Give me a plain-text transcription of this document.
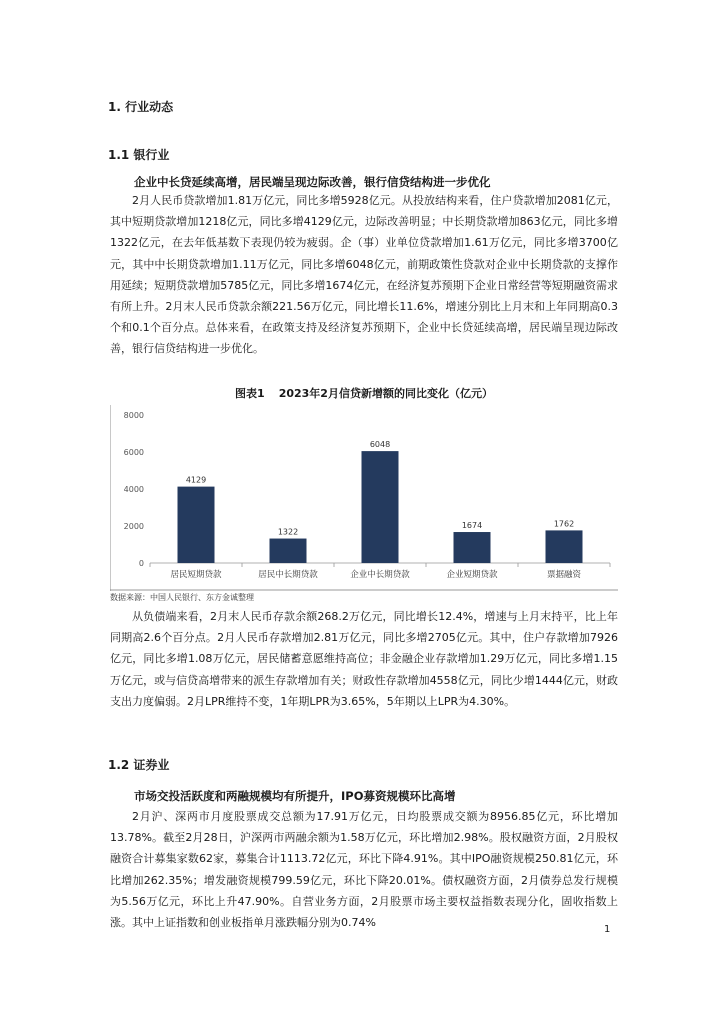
1. 行业动态
1.1 银行业
企业中长贷延续高增，居民端呈现边际改善，银行信贷结构进一步优化

2月人民币贷款增加1.81万亿元，同比多增5928亿元。从投放结构来看，住户贷款增加2081亿元，其中短期贷款增加1218亿元，同比多增4129亿元，边际改善明显；中长期贷款增加863亿元，同比多增1322亿元，在去年低基数下表现仍较为疲弱。企（事）业单位贷款增加1.61万亿元，同比多增3700亿元，其中中长期贷款增加1.11万亿元，同比多增6048亿元，前期政策性贷款对企业中长期贷款的支撑作用延续；短期贷款增加5785亿元，同比多增1674亿元，在经济复苏预期下企业日常经营等短期融资需求有所上升。2月末人民币贷款余额221.56万亿元，同比增长11.6%，增速分别比上月末和上年同期高0.3个和0.1个百分点。总体来看，在政策支持及经济复苏预期下，企业中长贷延续高增，居民端呈现边际改善，银行信贷结构进一步优化。

图表1 2023年2月信贷新增额的同比变化（亿元）
0
2000
4000
6000
8000
4129
居民短期贷款
1322
居民中长期贷款
6048
企业中长期贷款
1674
企业短期贷款
1762
票据融资
数据来源：中国人民银行、东方金诚整理

从负债端来看，2月末人民币存款余额268.2万亿元，同比增长12.4%，增速与上月末持平，比上年同期高2.6个百分点。2月人民币存款增加2.81万亿元，同比多增2705亿元。其中，住户存款增加7926亿元，同比多增1.08万亿元，居民储蓄意愿维持高位；非金融企业存款增加1.29万亿元，同比多增1.15万亿元，或与信贷高增带来的派生存款增加有关；财政性存款增加4558亿元，同比少增1444亿元，财政支出力度偏弱。2月LPR维持不变，1年期LPR为3.65%，5年期以上LPR为4.30%。

1.2 证券业
市场交投活跃度和两融规模均有所提升，IPO募资规模环比高增

2月沪、深两市月度股票成交总额为17.91万亿元，日均股票成交额为8956.85亿元，环比增加13.78%。截至2月28日，沪深两市两融余额为1.58万亿元，环比增加2.98%。股权融资方面，2月股权融资合计募集家数62家，募集合计1113.72亿元，环比下降4.91%。其中IPO融资规模250.81亿元，环比增加262.35%；增发融资规模799.59亿元，环比下降20.01%。债权融资方面，2月债券总发行规模为5.56万亿元，环比上升47.90%。自营业务方面，2月股票市场主要权益指数表现分化，固收指数上涨。其中上证指数和创业板指单月涨跌幅分别为0.74%

1
